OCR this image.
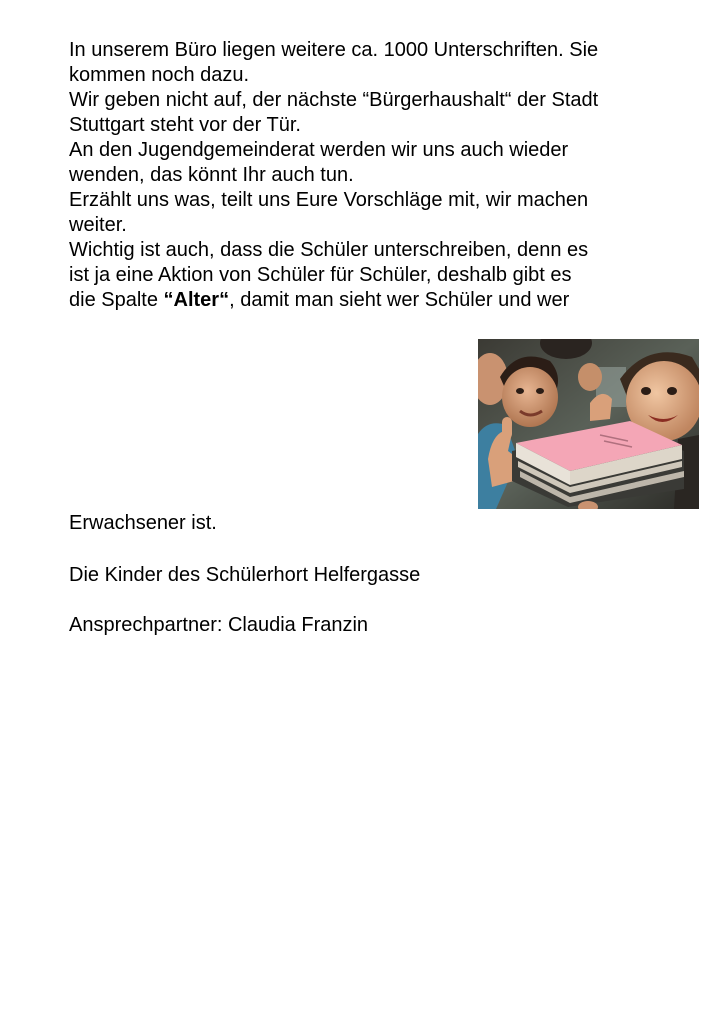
In unserem Büro liegen weitere ca. 1000 Unterschriften. Sie
kommen noch dazu.
Wir geben nicht auf, der nächste “Bürgerhaushalt“ der Stadt
Stuttgart steht vor der Tür.
An den Jugendgemeinderat werden wir uns auch wieder
wenden, das könnt Ihr auch tun.
Erzählt uns was, teilt uns Eure Vorschläge mit, wir machen
weiter.
Wichtig ist auch, dass die Schüler unterschreiben, denn es
ist ja eine Aktion von Schüler für Schüler, deshalb gibt es
die Spalte “Alter“, damit man sieht wer Schüler und wer
Erwachsener ist.
Die Kinder des Schülerhort Helfergasse
Ansprechpartner: Claudia Franzin
